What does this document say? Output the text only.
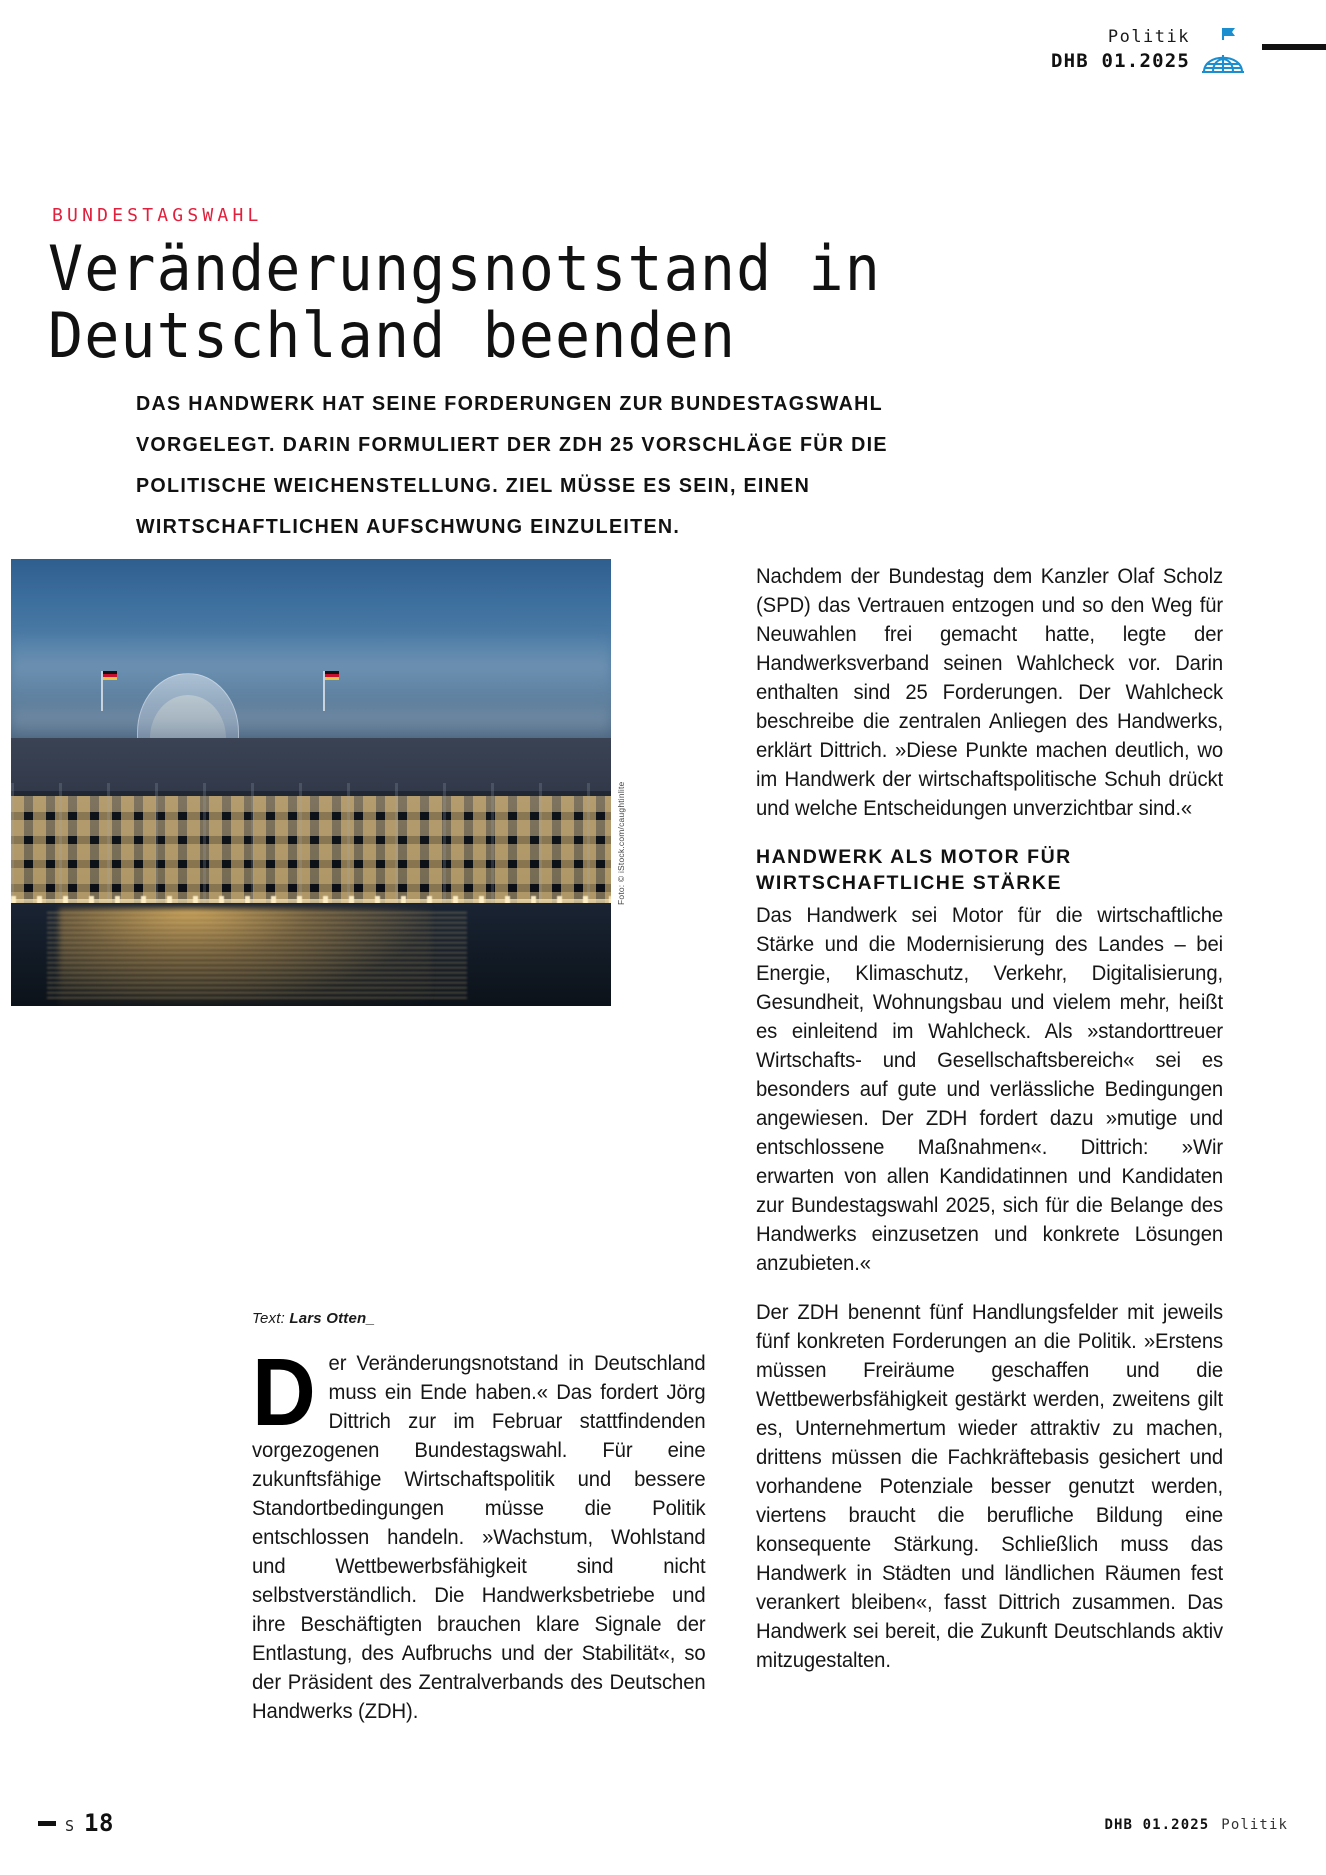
Politik
DHB 01.2025
BUNDESTAGSWAHL
Veränderungsnotstand in
Deutschland beenden
DAS HANDWERK HAT SEINE FORDERUNGEN ZUR BUNDESTAGSWAHL VORGELEGT. DARIN FORMULIERT DER ZDH 25 VORSCHLÄGE FÜR DIE POLITISCHE WEICHENSTELLUNG. ZIEL MÜSSE ES SEIN, EINEN WIRTSCHAFTLICHEN AUFSCHWUNG EINZULEITEN.
Foto: © iStock.com/caughtinlite
Text: Lars Otten_

Nachdem der Bundestag dem Kanzler Olaf Scholz (SPD) das Vertrauen entzogen und so den Weg für Neuwahlen frei gemacht hatte, legte der Handwerksverband seinen Wahlcheck vor. Darin enthalten sind 25 Forderungen. Der Wahlcheck beschreibe die zentralen Anliegen des Handwerks, erklärt Dittrich. »Diese Punkte machen deutlich, wo im Handwerk der wirtschaftspolitische Schuh drückt und welche Entscheidungen unverzichtbar sind.«

HANDWERK ALS MOTOR FÜR
WIRTSCHAFTLICHE STÄRKE

Das Handwerk sei Motor für die wirtschaftliche Stärke und die Modernisierung des Landes – bei Energie, Klimaschutz, Verkehr, Digitalisierung, Gesundheit, Wohnungsbau und vielem mehr, heißt es einleitend im Wahlcheck. Als »standorttreuer Wirtschafts- und Gesellschaftsbereich« sei es besonders auf gute und verlässliche Bedingungen angewiesen. Der ZDH fordert dazu »mutige und entschlossene Maßnahmen«. Dittrich: »Wir erwarten von allen Kandidatinnen und Kandidaten zur Bundestagswahl 2025, sich für die Belange des Handwerks einzusetzen und konkrete Lösungen anzubieten.«

Der ZDH benennt fünf Handlungsfelder mit jeweils fünf konkreten Forderungen an die Politik. »Erstens müssen Freiräume geschaffen und die Wettbewerbsfähigkeit gestärkt werden, zweitens gilt es, Unternehmertum wieder attraktiv zu machen, drittens müssen die Fachkräftebasis gesichert und vorhandene Potenziale besser genutzt werden, viertens braucht die berufliche Bildung eine konsequente Stärkung. Schließlich muss das Handwerk in Städten und ländlichen Räumen fest verankert bleiben«, fasst Dittrich zusammen. Das Handwerk sei bereit, die Zukunft Deutschlands aktiv mitzugestalten.

D er Veränderungsnotstand in Deutschland muss ein Ende haben.« Das fordert Jörg Dittrich zur im Februar stattfindenden vorgezogenen Bundestagswahl. Für eine zukunftsfähige Wirtschaftspolitik und bessere Standortbedingungen müsse die Politik entschlossen handeln. »Wachstum, Wohlstand und Wettbewerbsfähigkeit sind nicht selbstverständlich. Die Handwerksbetriebe und ihre Beschäftigten brauchen klare Signale der Entlastung, des Aufbruchs und der Stabilität«, so der Präsident des Zentralverbands des Deutschen Handwerks (ZDH).

S 18	DHB 01.2025 Politik
